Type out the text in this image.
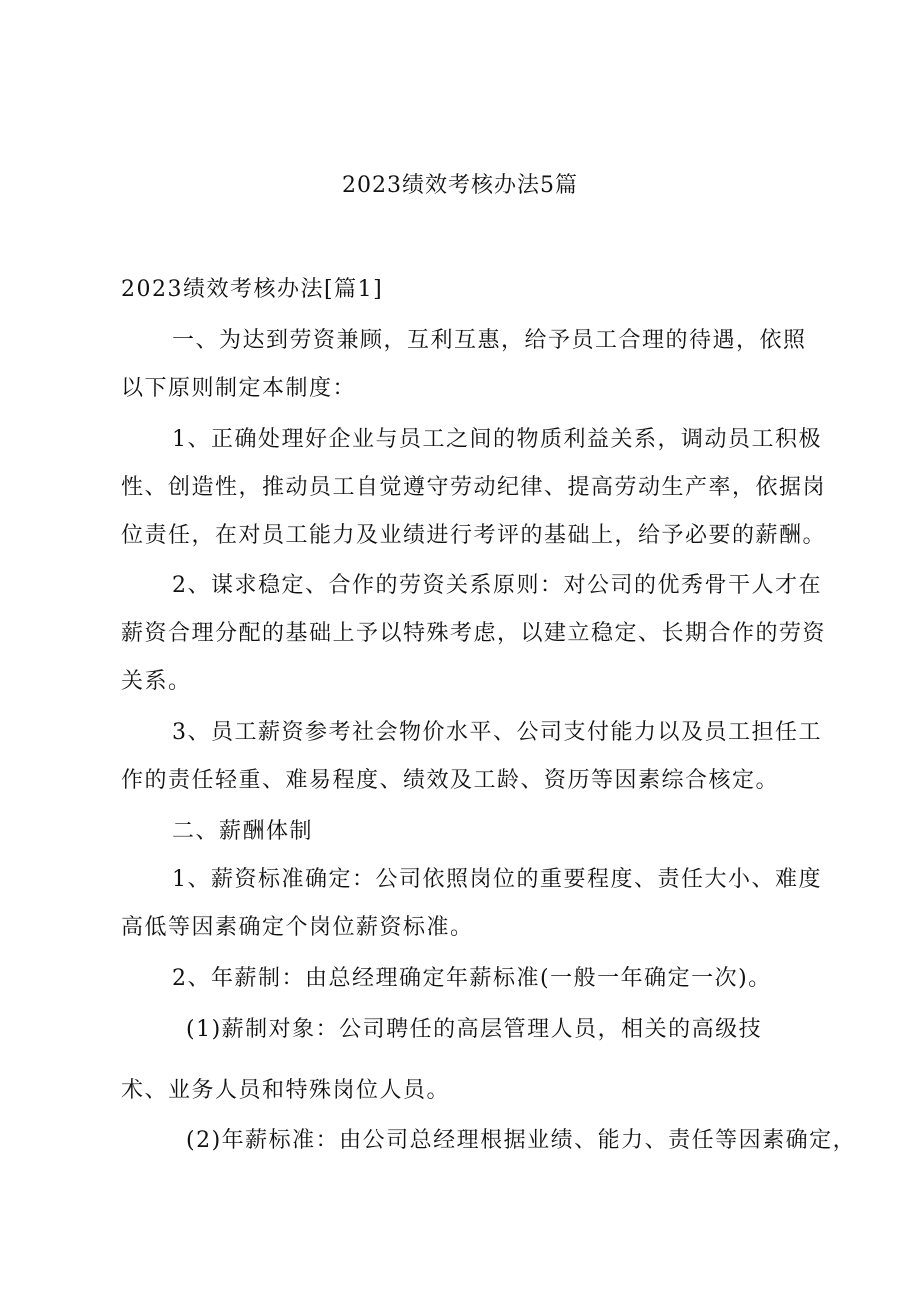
2023绩效考核办法5篇
2023绩效考核办法[篇1]
一、为达到劳资兼顾，互利互惠，给予员工合理的待遇，依照
以下原则制定本制度：
1、正确处理好企业与员工之间的物质利益关系，调动员工积极
性、创造性，推动员工自觉遵守劳动纪律、提高劳动生产率，依据岗
位责任，在对员工能力及业绩进行考评的基础上，给予必要的薪酬。
2、谋求稳定、合作的劳资关系原则：对公司的优秀骨干人才在
薪资合理分配的基础上予以特殊考虑，以建立稳定、长期合作的劳资
关系。
3、员工薪资参考社会物价水平、公司支付能力以及员工担任工
作的责任轻重、难易程度、绩效及工龄、资历等因素综合核定。
二、薪酬体制
1、薪资标准确定：公司依照岗位的重要程度、责任大小、难度
高低等因素确定个岗位薪资标准。
2、年薪制：由总经理确定年薪标准(一般一年确定一次)。
(1)薪制对象：公司聘任的高层管理人员，相关的高级技
术、业务人员和特殊岗位人员。
(2)年薪标准：由公司总经理根据业绩、能力、责任等因素确定，
